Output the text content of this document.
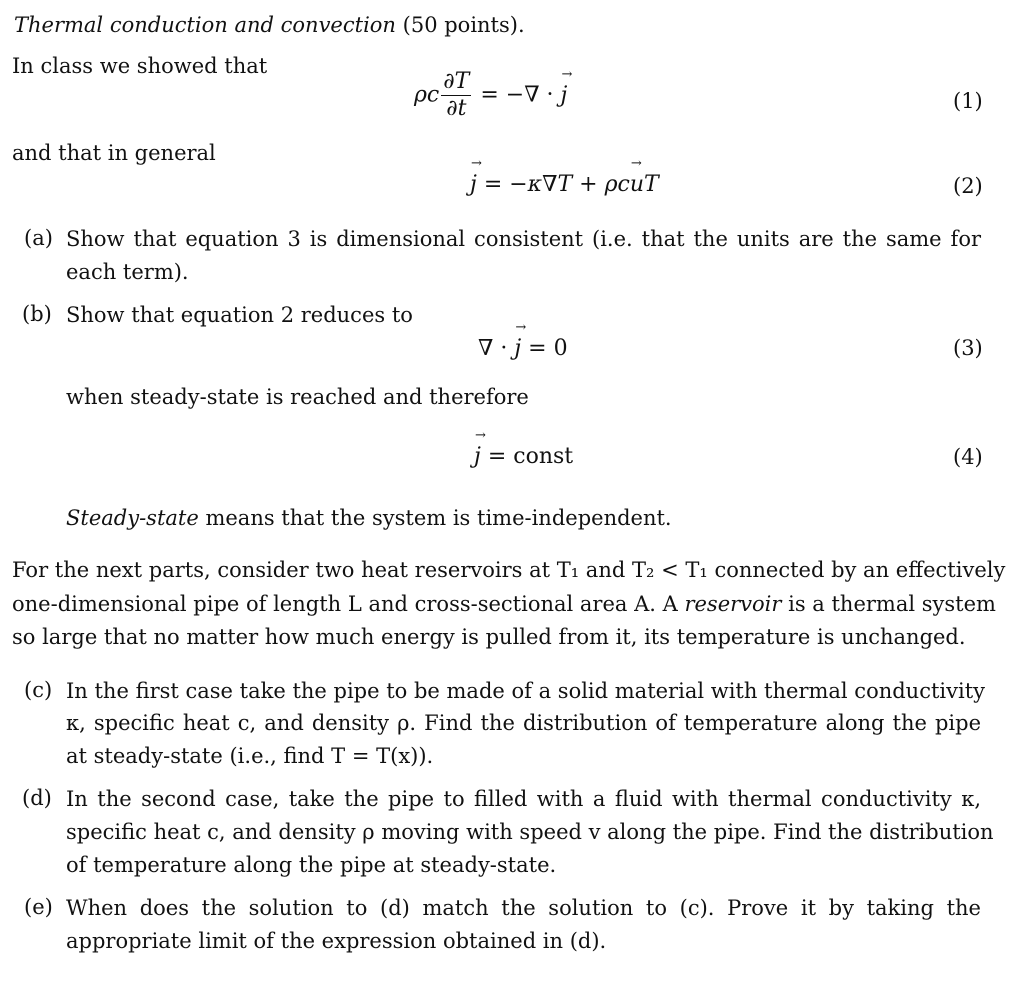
Thermal conduction and convection (50 points).
In class we showed that
ρc $\frac{\partial T}{\partial t}$ = −∇ · → j	(1)
and that in general
→ j = −κ∇T + ρc→ uT	(2)
(a) Show that equation 3 is dimensional consistent (i.e. that the units are the same for
each term).
(b) Show that equation 2 reduces to
∇ · → j = 0	(3)
when steady-state is reached and therefore
→ j = const	(4)
Steady-state means that the system is time-independent.
For the next parts, consider two heat reservoirs at T₁ and T₂ < T₁ connected by an effectively
one-dimensional pipe of length L and cross-sectional area A. A reservoir is a thermal system
so large that no matter how much energy is pulled from it, its temperature is unchanged.
(c) In the first case take the pipe to be made of a solid material with thermal conductivity
κ, specific heat c, and density ρ. Find the distribution of temperature along the pipe
at steady-state (i.e., find T = T(x)).
(d) In the second case, take the pipe to filled with a fluid with thermal conductivity κ,
specific heat c, and density ρ moving with speed v along the pipe. Find the distribution
of temperature along the pipe at steady-state.
(e) When does the solution to (d) match the solution to (c). Prove it by taking the
appropriate limit of the expression obtained in (d).
